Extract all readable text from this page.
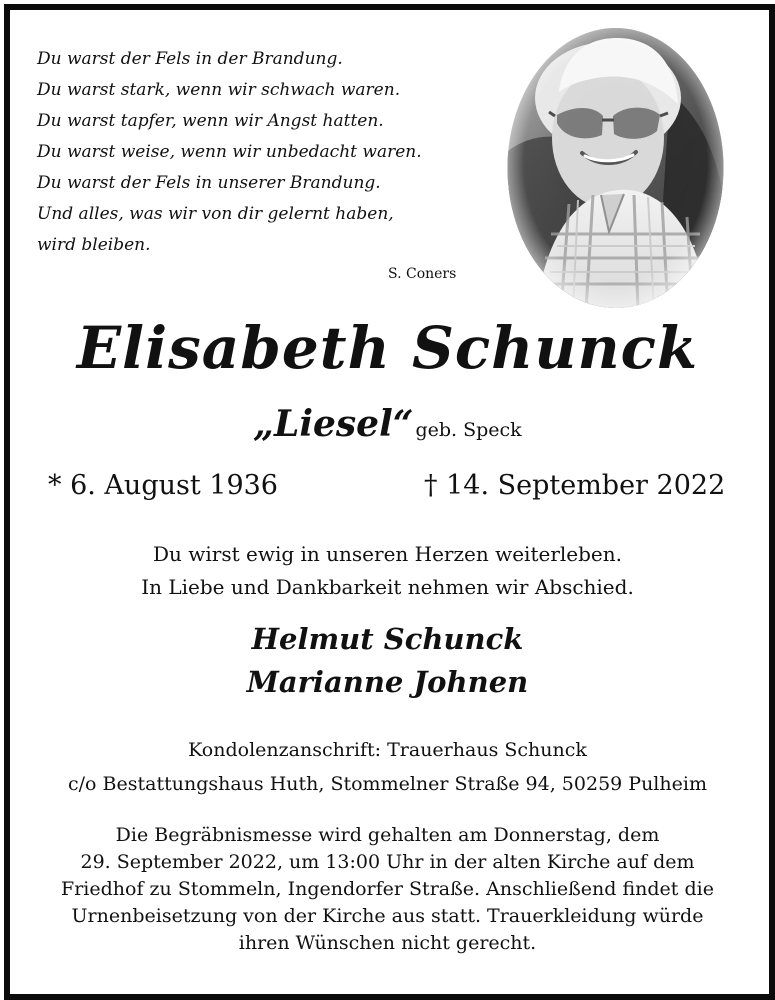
Du warst der Fels in der Brandung.
Du warst stark, wenn wir schwach waren.
Du warst tapfer, wenn wir Angst hatten.
Du warst weise, wenn wir unbedacht waren.
Du warst der Fels in unserer Brandung.
Und alles, was wir von dir gelernt haben,
wird bleiben.
S. Coners
Elisabeth Schunck
„Liesel“ geb. Speck
* 6. August 1936	† 14. September 2022
Du wirst ewig in unseren Herzen weiterleben.
In Liebe und Dankbarkeit nehmen wir Abschied.
Helmut Schunck
Marianne Johnen
Kondolenzanschrift: Trauerhaus Schunck
c/o Bestattungshaus Huth, Stommelner Straße 94, 50259 Pulheim
Die Begräbnismesse wird gehalten am Donnerstag, dem
29. September 2022, um 13:00 Uhr in der alten Kirche auf dem
Friedhof zu Stommeln, Ingendorfer Straße. Anschließend findet die
Urnenbeisetzung von der Kirche aus statt. Trauerkleidung würde
ihren Wünschen nicht gerecht.
